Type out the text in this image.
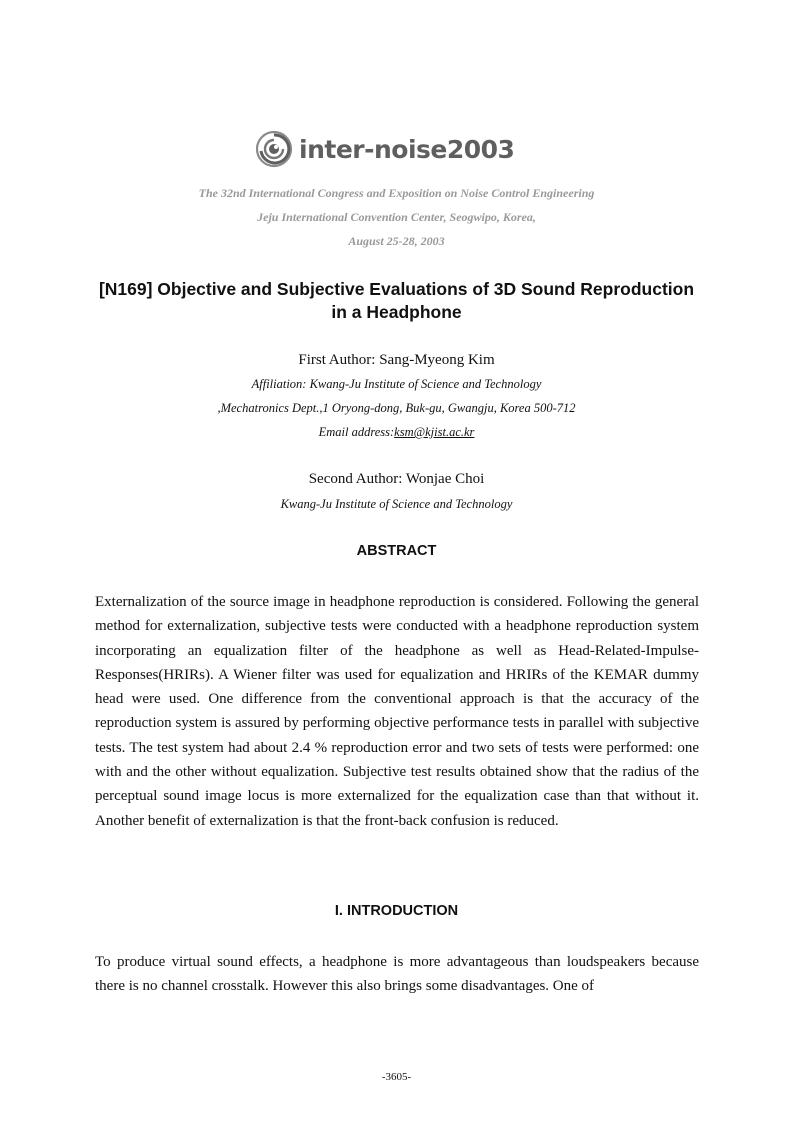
inter-noise2003
The 32nd International Congress and Exposition on Noise Control Engineering
Jeju International Convention Center, Seogwipo, Korea,
August 25-28, 2003
[N169] Objective and Subjective Evaluations of 3D Sound Reproduction in a Headphone
First Author: Sang-Myeong Kim
Affiliation: Kwang-Ju Institute of Science and Technology
,Mechatronics Dept.,1 Oryong-dong, Buk-gu, Gwangju, Korea 500-712
Email address:ksm@kjist.ac.kr
Second Author: Wonjae Choi
Kwang-Ju Institute of Science and Technology
ABSTRACT

Externalization of the source image in headphone reproduction is considered. Following the general method for externalization, subjective tests were conducted with a headphone reproduction system incorporating an equalization filter of the headphone as well as Head-Related-Impulse-Responses(HRIRs). A Wiener filter was used for equalization and HRIRs of the KEMAR dummy head were used. One difference from the conventional approach is that the accuracy of the reproduction system is assured by performing objective performance tests in parallel with subjective tests. The test system had about 2.4 % reproduction error and two sets of tests were performed: one with and the other without equalization. Subjective test results obtained show that the radius of the perceptual sound image locus is more externalized for the equalization case than that without it. Another benefit of externalization is that the front-back confusion is reduced.

I. INTRODUCTION

To produce virtual sound effects, a headphone is more advantageous than loudspeakers because there is no channel crosstalk. However this also brings some disadvantages. One of

-3605-
